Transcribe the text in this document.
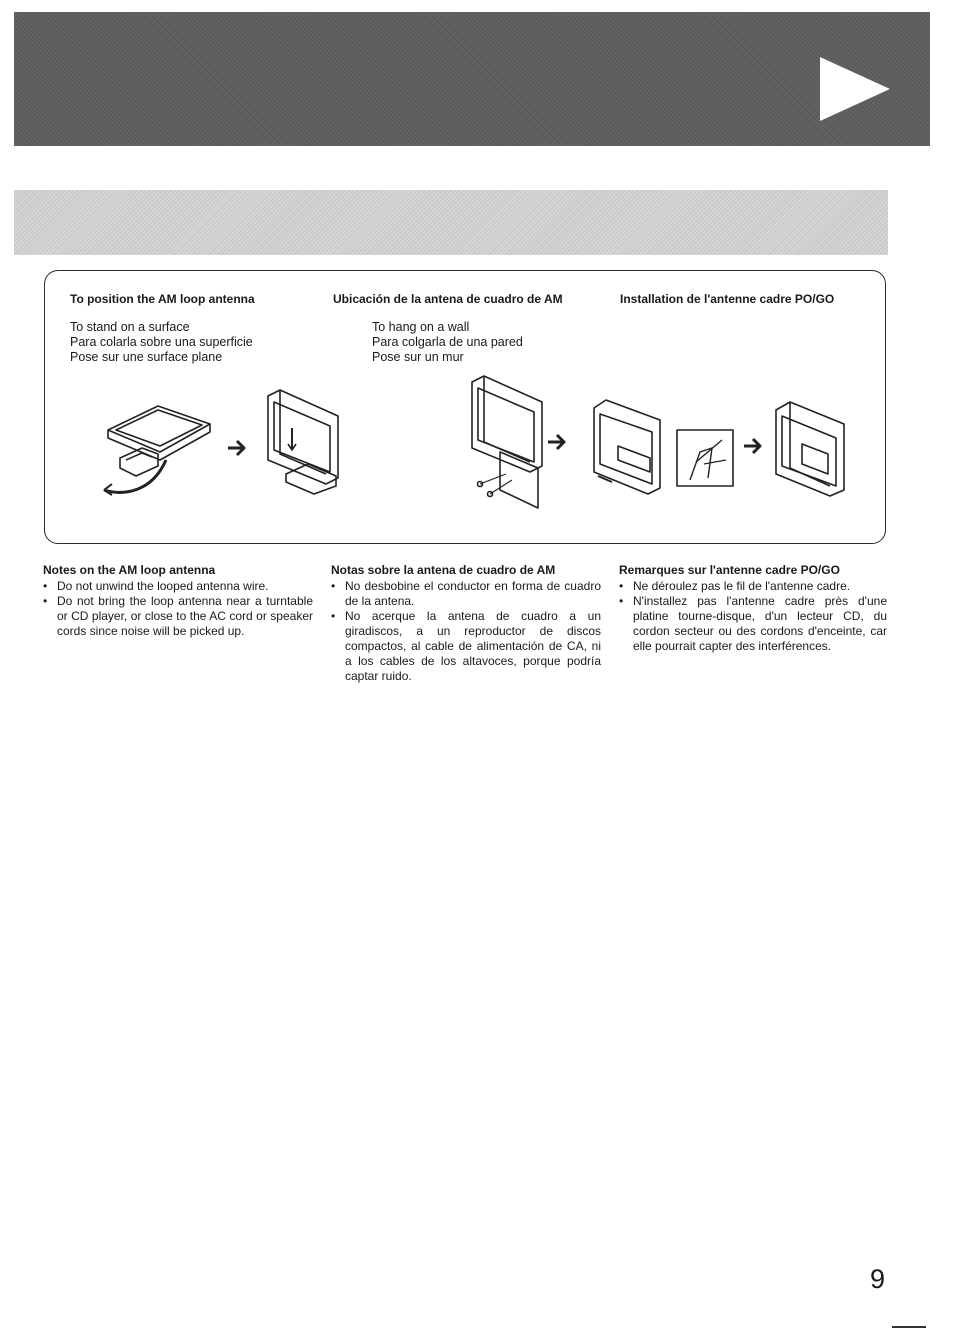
To position the AM loop antenna	Ubicación de la antena de cuadro de AM	Installation de l'antenne cadre PO/GO
To stand on a surface
Para colarla sobre una superficie
Pose sur une surface plane
To hang on a wall
Para colgarla de una pared
Pose sur un mur
Notes on the AM loop antenna
• Do not unwind the looped antenna wire.
• Do not bring the loop antenna near a turntable or CD player, or close to the AC cord or speaker cords since noise will be picked up.
Notas sobre la antena de cuadro de AM
• No desbobine el conductor en forma de cuadro de la antena.
• No acerque la antena de cuadro a un giradiscos, a un reproductor de discos compactos, al cable de alimentación de CA, ni a los cables de los altavoces, porque podría captar ruido.
Remarques sur l'antenne cadre PO/GO
• Ne déroulez pas le fil de l'antenne cadre.
• N'installez pas l'antenne cadre près d'une platine tourne-disque, d'un lecteur CD, du cordon secteur ou des cordons d'enceinte, car elle pourrait capter des interférences.
9
